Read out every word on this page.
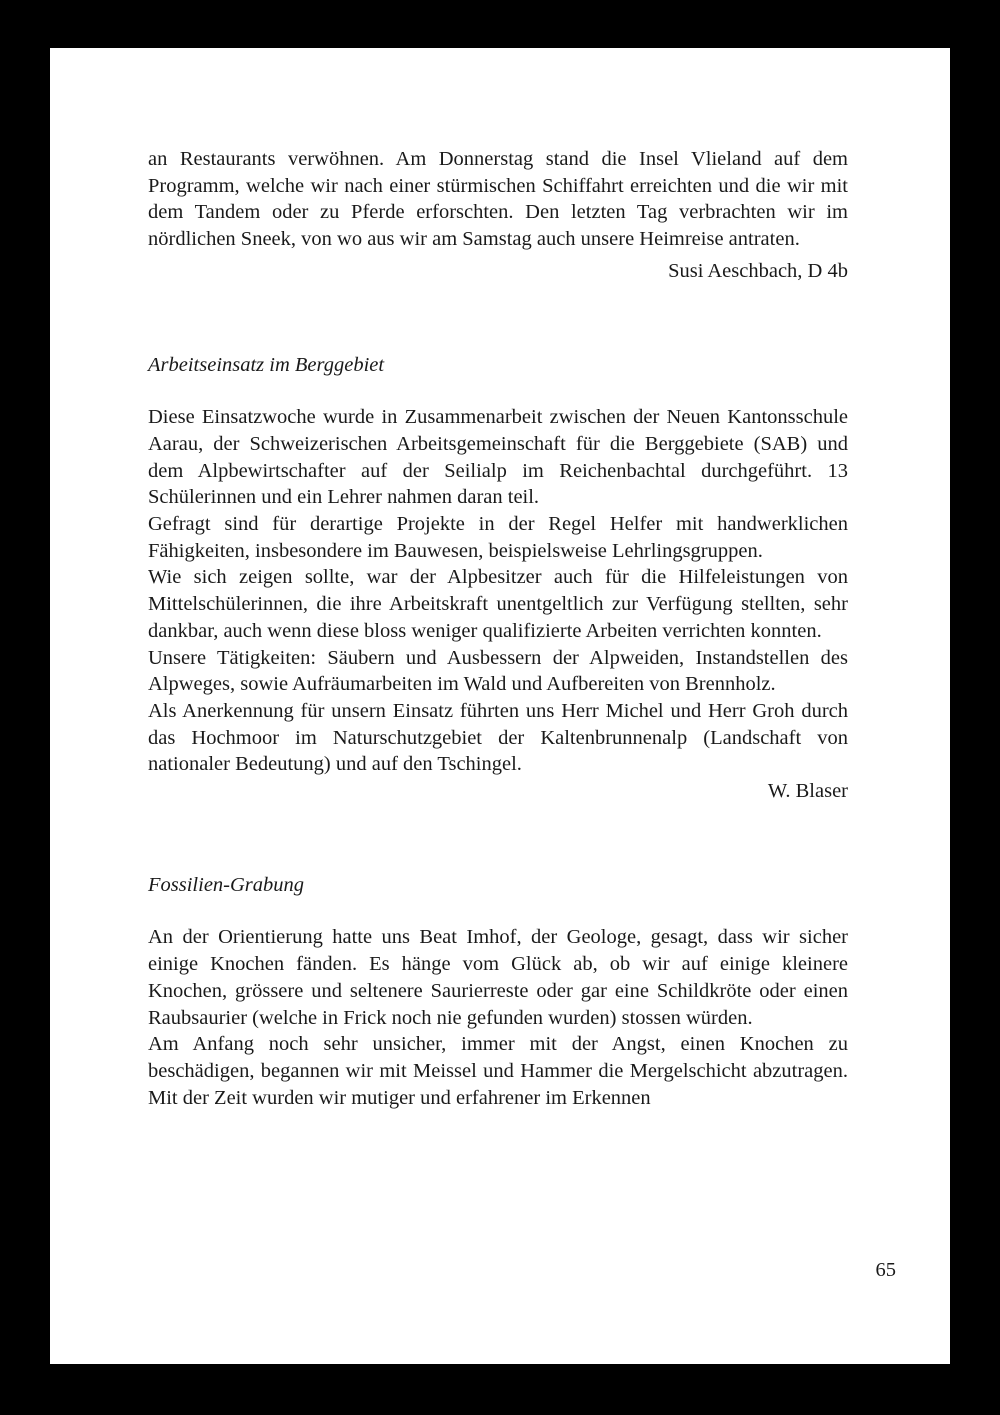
an Restaurants verwöhnen. Am Donnerstag stand die Insel Vlieland auf dem Programm, welche wir nach einer stürmischen Schiffahrt erreichten und die wir mit dem Tandem oder zu Pferde erforschten. Den letzten Tag verbrachten wir im nördlichen Sneek, von wo aus wir am Samstag auch unsere Heimreise antraten.

Susi Aeschbach, D 4b

Arbeitseinsatz im Berggebiet

Diese Einsatzwoche wurde in Zusammenarbeit zwischen der Neuen Kantonsschule Aarau, der Schweizerischen Arbeitsgemeinschaft für die Berggebiete (SAB) und dem Alpbewirtschafter auf der Seilialp im Reichenbachtal durchgeführt. 13 Schülerinnen und ein Lehrer nahmen daran teil.

Gefragt sind für derartige Projekte in der Regel Helfer mit handwerklichen Fähigkeiten, insbesondere im Bauwesen, beispielsweise Lehrlingsgruppen.

Wie sich zeigen sollte, war der Alpbesitzer auch für die Hilfeleistungen von Mittelschülerinnen, die ihre Arbeitskraft unentgeltlich zur Verfügung stellten, sehr dankbar, auch wenn diese bloss weniger qualifizierte Arbeiten verrichten konnten.

Unsere Tätigkeiten: Säubern und Ausbessern der Alpweiden, Instandstellen des Alpweges, sowie Aufräumarbeiten im Wald und Aufbereiten von Brennholz.

Als Anerkennung für unsern Einsatz führten uns Herr Michel und Herr Groh durch das Hochmoor im Naturschutzgebiet der Kaltenbrunnenalp (Landschaft von nationaler Bedeutung) und auf den Tschingel.

W. Blaser

Fossilien-Grabung

An der Orientierung hatte uns Beat Imhof, der Geologe, gesagt, dass wir sicher einige Knochen fänden. Es hänge vom Glück ab, ob wir auf einige kleinere Knochen, grössere und seltenere Saurierreste oder gar eine Schildkröte oder einen Raubsaurier (welche in Frick noch nie gefunden wurden) stossen würden.

Am Anfang noch sehr unsicher, immer mit der Angst, einen Knochen zu beschädigen, begannen wir mit Meissel und Hammer die Mergelschicht abzutragen. Mit der Zeit wurden wir mutiger und erfahrener im Erkennen

65
